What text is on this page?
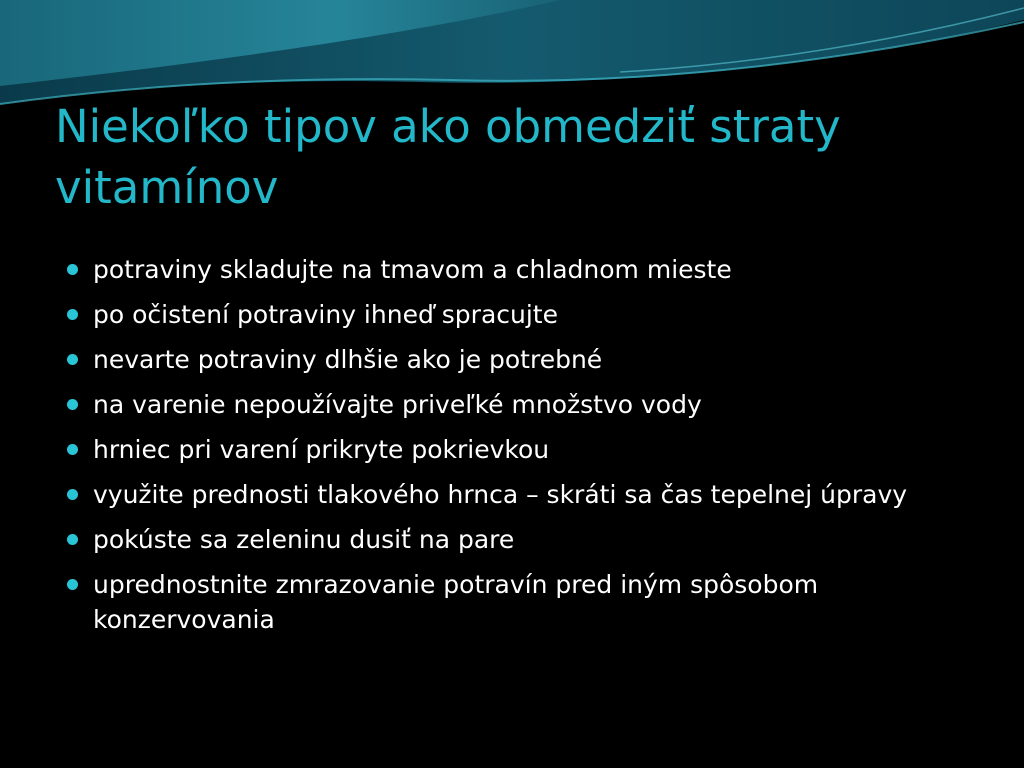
Niekoľko tipov ako obmedziť straty vitamínov
potraviny skladujte na tmavom a chladnom mieste
po očistení potraviny ihneď spracujte
nevarte potraviny dlhšie ako je potrebné
na varenie nepoužívajte priveľké množstvo vody
hrniec pri varení prikryte pokrievkou
využite prednosti tlakového hrnca – skráti sa čas tepelnej úpravy
pokúste sa zeleninu dusiť na pare
uprednostnite zmrazovanie potravín pred iným spôsobom konzervovania
